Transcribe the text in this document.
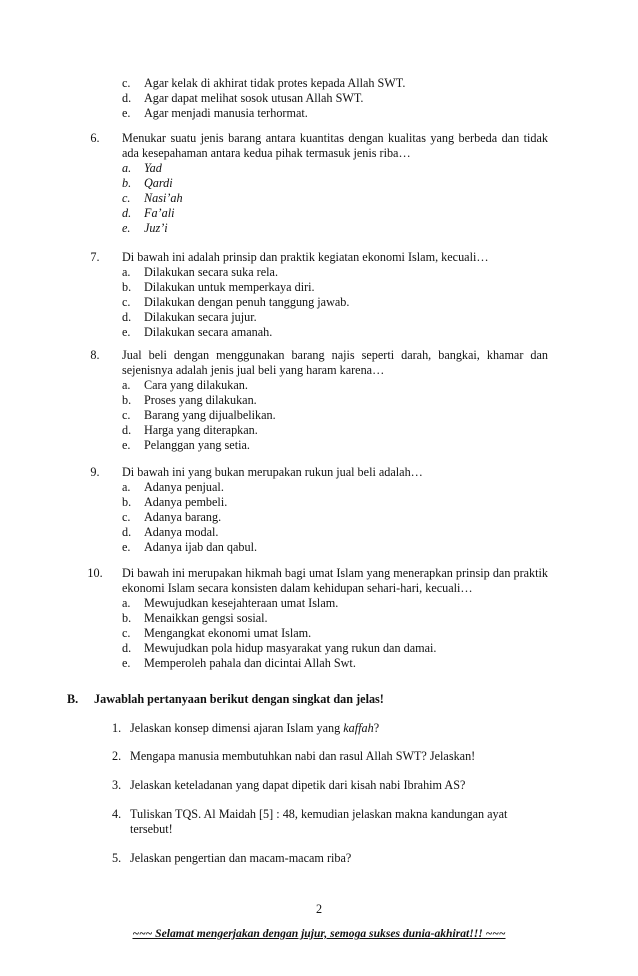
c.	Agar kelak di akhirat tidak protes kepada Allah SWT.
d.	Agar dapat melihat sosok utusan Allah SWT.
e.	Agar menjadi manusia terhormat.
6.	Menukar suatu jenis barang antara kuantitas dengan kualitas yang berbeda dan tidak ada kesepahaman antara kedua pihak termasuk jenis riba…
a.	Yad
b.	Qardi
c.	Nasi’ah
d.	Fa’ali
e.	Juz’i
7.	Di bawah ini adalah prinsip dan praktik kegiatan ekonomi Islam, kecuali…
a.	Dilakukan secara suka rela.
b.	Dilakukan untuk memperkaya diri.
c.	Dilakukan dengan penuh tanggung jawab.
d.	Dilakukan secara jujur.
e.	Dilakukan secara amanah.
8.	Jual beli dengan menggunakan barang najis seperti darah, bangkai, khamar dan sejenisnya adalah jenis jual beli yang haram karena…
a.	Cara yang dilakukan.
b.	Proses yang dilakukan.
c.	Barang yang dijualbelikan.
d.	Harga yang diterapkan.
e.	Pelanggan yang setia.
9.	Di bawah ini yang bukan merupakan rukun jual beli adalah…
a.	Adanya penjual.
b.	Adanya pembeli.
c.	Adanya barang.
d.	Adanya modal.
e.	Adanya ijab dan qabul.
10.	Di bawah ini merupakan hikmah bagi umat Islam yang menerapkan prinsip dan praktik ekonomi Islam secara konsisten dalam kehidupan sehari-hari, kecuali…
a.	Mewujudkan kesejahteraan umat Islam.
b.	Menaikkan gengsi sosial.
c.	Mengangkat ekonomi umat Islam.
d.	Mewujudkan pola hidup masyarakat yang rukun dan damai.
e.	Memperoleh pahala dan dicintai Allah Swt.
B. Jawablah pertanyaan berikut dengan singkat dan jelas!
1. Jelaskan konsep dimensi ajaran Islam yang kaffah?
2. Mengapa manusia membutuhkan nabi dan rasul Allah SWT? Jelaskan!
3. Jelaskan keteladanan yang dapat dipetik dari kisah nabi Ibrahim AS?
4. Tuliskan TQS. Al Maidah [5] : 48, kemudian jelaskan makna kandungan ayat tersebut!
5. Jelaskan pengertian dan macam-macam riba?
2
~~~ Selamat mengerjakan dengan jujur, semoga sukses dunia-akhirat!!! ~~~
